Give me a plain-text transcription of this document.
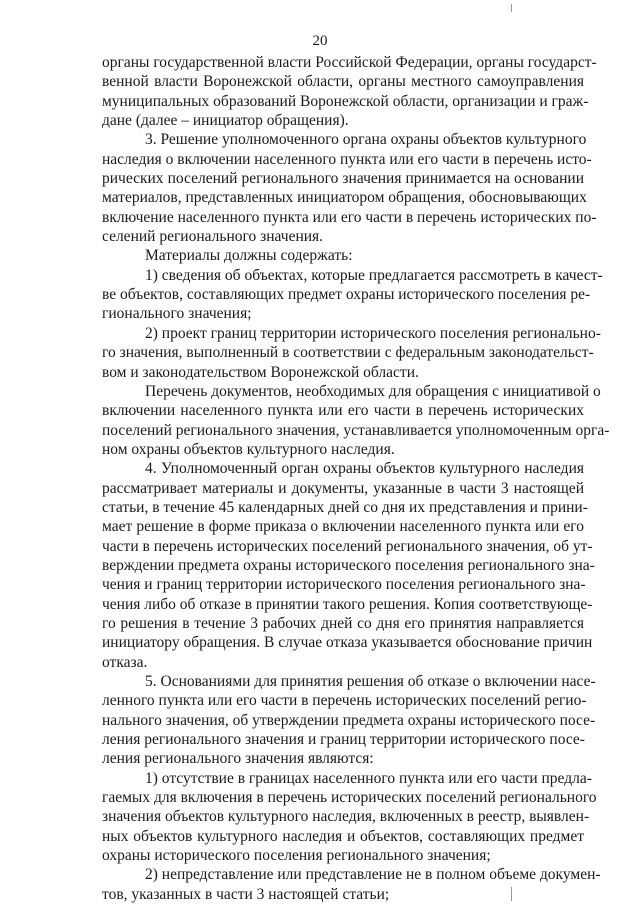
20
органы государственной власти Российской Федерации, органы государст-
венной власти Воронежской области, органы местного самоуправления
муниципальных образований Воронежской области, организации и граж-
дане (далее – инициатор обращения).
3. Решение уполномоченного органа охраны объектов культурного
наследия о включении населенного пункта или его части в перечень исто-
рических поселений регионального значения принимается на основании
материалов, представленных инициатором обращения, обосновывающих
включение населенного пункта или его части в перечень исторических по-
селений регионального значения.
Материалы должны содержать:
1) сведения об объектах, которые предлагается рассмотреть в качест-
ве объектов, составляющих предмет охраны исторического поселения ре-
гионального значения;
2) проект границ территории исторического поселения регионально-
го значения, выполненный в соответствии с федеральным законодательст-
вом и законодательством Воронежской области.
Перечень документов, необходимых для обращения с инициативой о
включении населенного пункта или его части в перечень исторических
поселений регионального значения, устанавливается уполномоченным орга-
ном охраны объектов культурного наследия.
4. Уполномоченный орган охраны объектов культурного наследия
рассматривает материалы и документы, указанные в части 3 настоящей
статьи, в течение 45 календарных дней со дня их представления и прини-
мает решение в форме приказа о включении населенного пункта или его
части в перечень исторических поселений регионального значения, об ут-
верждении предмета охраны исторического поселения регионального зна-
чения и границ территории исторического поселения регионального зна-
чения либо об отказе в принятии такого решения. Копия соответствующе-
го решения в течение 3 рабочих дней со дня его принятия направляется
инициатору обращения. В случае отказа указывается обоснование причин
отказа.
5. Основаниями для принятия решения об отказе о включении насе-
ленного пункта или его части в перечень исторических поселений регио-
нального значения, об утверждении предмета охраны исторического посе-
ления регионального значения и границ территории исторического посе-
ления регионального значения являются:
1) отсутствие в границах населенного пункта или его части предла-
гаемых для включения в перечень исторических поселений регионального
значения объектов культурного наследия, включенных в реестр, выявлен-
ных объектов культурного наследия и объектов, составляющих предмет
охраны исторического поселения регионального значения;
2) непредставление или представление не в полном объеме докумен-
тов, указанных в части 3 настоящей статьи;
